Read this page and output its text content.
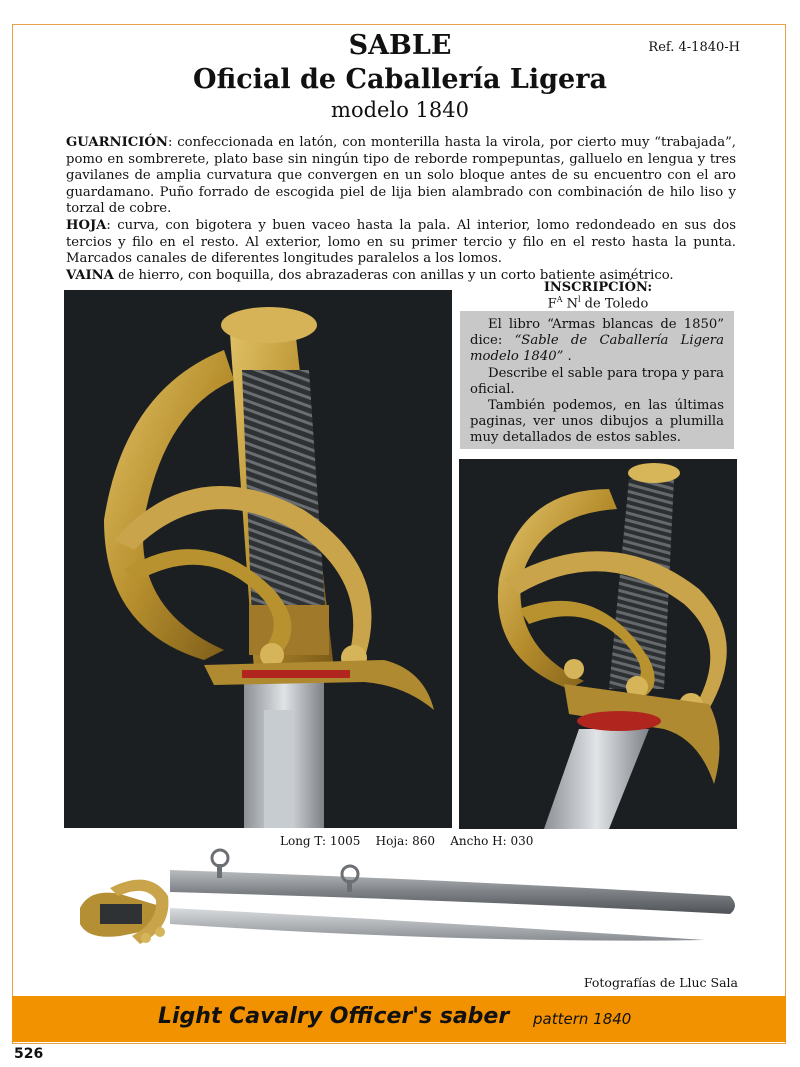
Ref. 4-1840-H
SABLE
Oficial de Caballería Ligera
modelo 1840

GUARNICIÓN: confeccionada en latón, con monterilla hasta la virola, por cierto muy “trabajada”, pomo en sombrerete, plato base sin ningún tipo de reborde rompepuntas, galluelo en lengua y tres gavilanes de amplia curvatura que convergen en un solo bloque antes de su encuentro con el aro guardamano. Puño forrado de escogida piel de lija bien alambrado con combinación de hilo liso y torzal de cobre.

HOJA: curva, con bigotera y buen vaceo hasta la pala. Al interior, lomo redondeado en sus dos tercios y filo en el resto. Al exterior, lomo en su primer tercio y filo en el resto hasta la punta. Marcados canales de diferentes longitudes paralelos a los lomos.

VAINA de hierro, con boquilla, dos abrazaderas con anillas y un corto batiente asimétrico.

INSCRIPCIÓN:
$F^A$ $N^l$ de Toledo

El libro “Armas blancas de 1850” dice: “Sable de Caballería Ligera modelo 1840” .

Describe el sable para tropa y para oficial.

También podemos, en las últimas paginas, ver unos dibujos a plumilla muy detallados de estos sables.

Long T: 1005 Hoja: 860 Ancho H: 030
Fotografías de Lluc Sala
Light Cavalry Officer's saber pattern 1840
526
